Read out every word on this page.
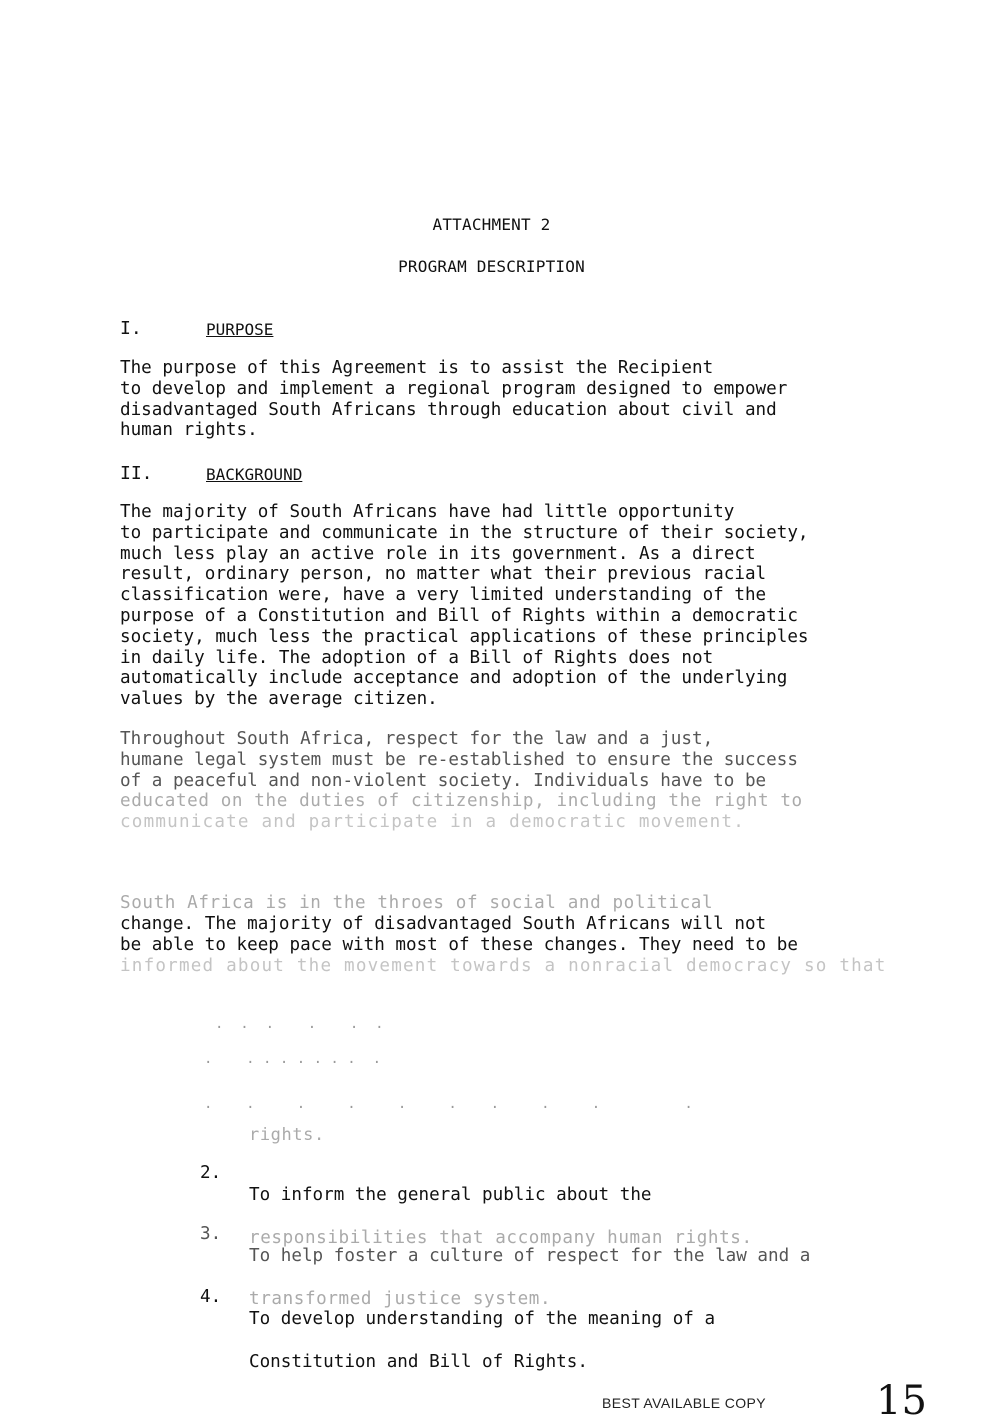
ATTACHMENT 2
PROGRAM DESCRIPTION
I.	PURPOSE
The purpose of this Agreement is to assist the Recipient
to develop and implement a regional program designed to empower
disadvantaged South Africans through education about civil and
human rights.
II.	BACKGROUND
The majority of South Africans have had little opportunity
to participate and communicate in the structure of their society,
much less play an active role in its government. As a direct
result, ordinary person, no matter what their previous racial
classification were, have a very limited understanding of the
purpose of a Constitution and Bill of Rights within a democratic
society, much less the practical applications of these principles
in daily life. The adoption of a Bill of Rights does not
automatically include acceptance and adoption of the underlying
values by the average citizen.
Throughout South Africa, respect for the law and a just,
humane legal system must be re-established to ensure the success
of a peaceful and non-violent society. Individuals have to be
educated on the duties of citizenship, including the right to
communicate and participate in a democratic movement.
South Africa is in the throes of social and political
change. The majority of disadvantaged South Africans will not
be able to keep pace with most of these changes. They need to be
informed about the movement towards a nonracial democracy so that
·  ·  ·    ·    ·  ·
·    · · · · · · ·  ·
·    ·     ·     ·     ·     ·    ·     ·     ·          ·
rights.
2.

To inform the general public about the

responsibilities that accompany human rights.

3.

To help foster a culture of respect for the law and a

transformed justice system.

4.

To develop understanding of the meaning of a

Constitution and Bill of Rights.

BEST AVAILABLE COPY	15
